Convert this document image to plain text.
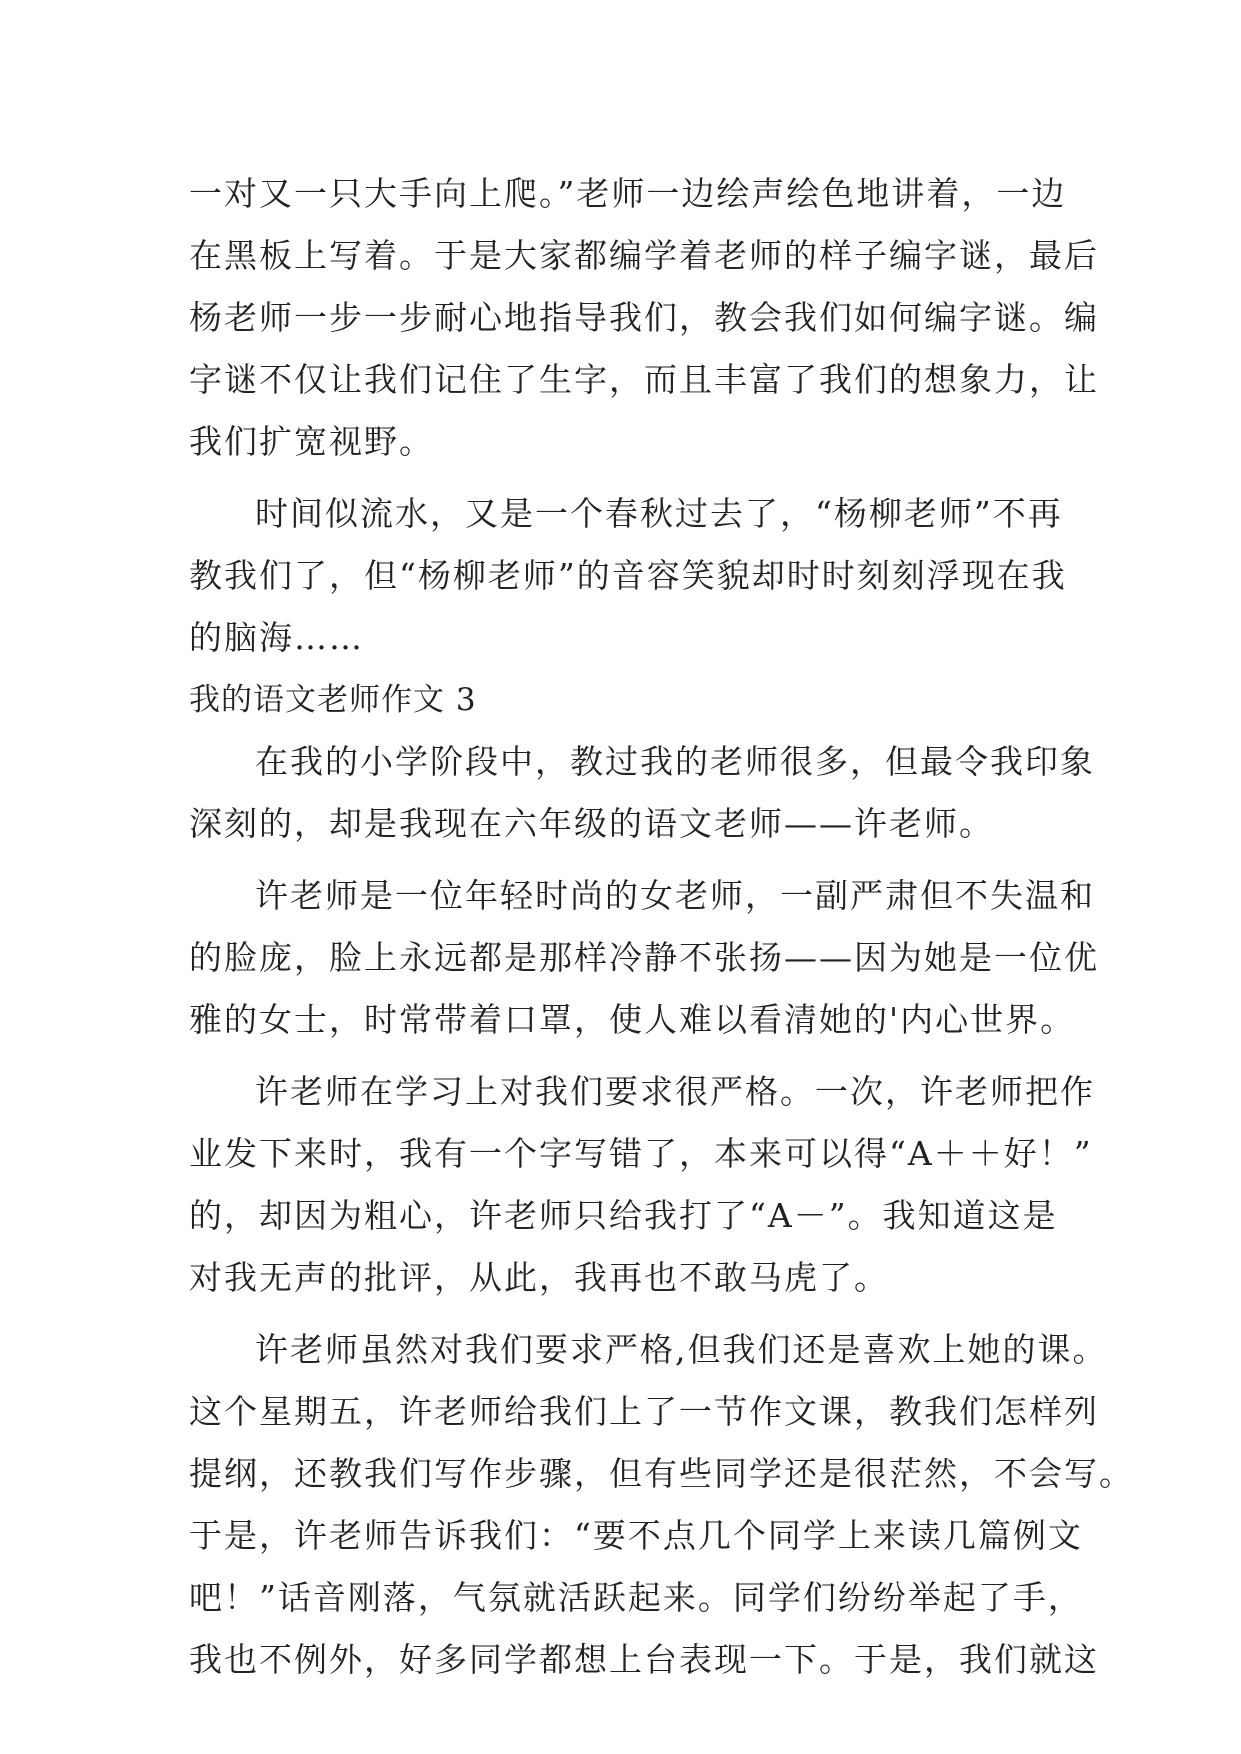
一对又一只大手向上爬。”老师一边绘声绘色地讲着，一边
在黑板上写着。于是大家都编学着老师的样子编字谜，最后
杨老师一步一步耐心地指导我们，教会我们如何编字谜。编
字谜不仅让我们记住了生字，而且丰富了我们的想象力，让
我们扩宽视野。
时间似流水，又是一个春秋过去了，“杨柳老师”不再
教我们了，但“杨柳老师”的音容笑貌却时时刻刻浮现在我
的脑海……
我的语文老师作文 3
在我的小学阶段中，教过我的老师很多，但最令我印象
深刻的，却是我现在六年级的语文老师——许老师。
许老师是一位年轻时尚的女老师，一副严肃但不失温和
的脸庞，脸上永远都是那样冷静不张扬——因为她是一位优
雅的女士，时常带着口罩，使人难以看清她的'内心世界。
许老师在学习上对我们要求很严格。一次，许老师把作
业发下来时，我有一个字写错了，本来可以得“A＋＋好！”
的，却因为粗心，许老师只给我打了“A－”。我知道这是
对我无声的批评，从此，我再也不敢马虎了。
许老师虽然对我们要求严格,但我们还是喜欢上她的课。
这个星期五，许老师给我们上了一节作文课，教我们怎样列
提纲，还教我们写作步骤，但有些同学还是很茫然，不会写。
于是，许老师告诉我们：“要不点几个同学上来读几篇例文
吧！”话音刚落，气氛就活跃起来。同学们纷纷举起了手，
我也不例外，好多同学都想上台表现一下。于是，我们就这
